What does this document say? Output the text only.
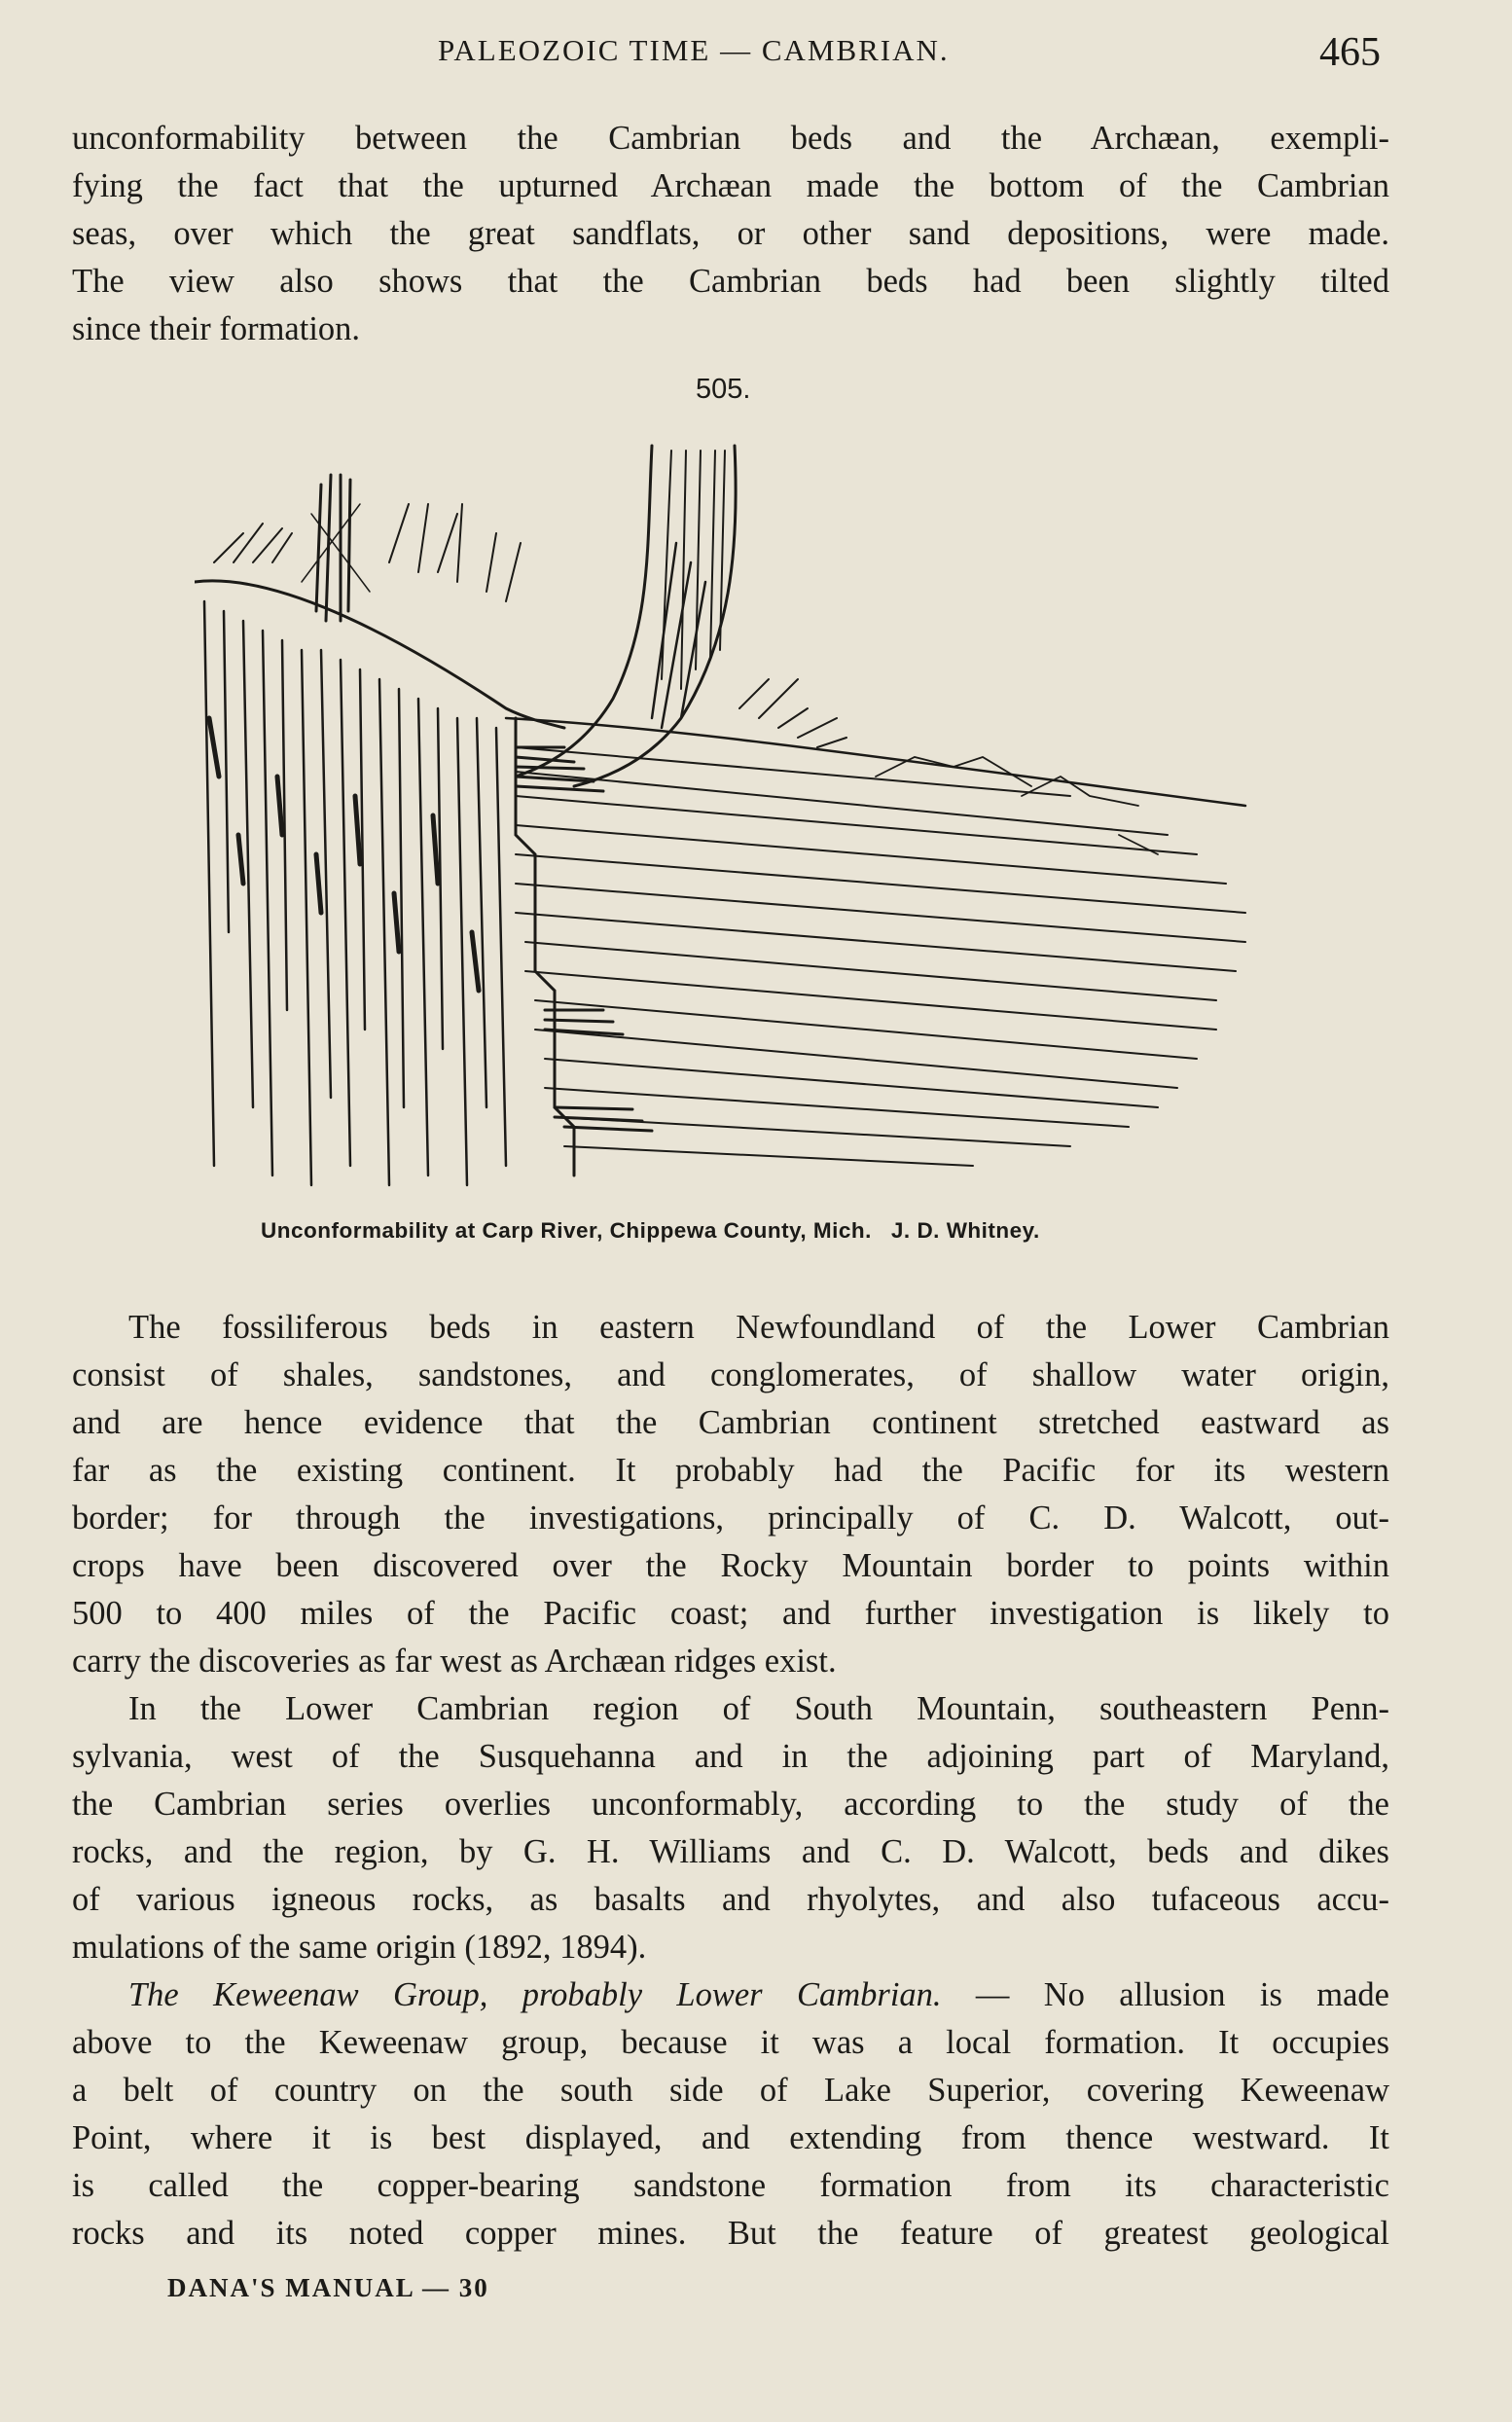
PALEOZOIC TIME — CAMBRIAN.	465
unconformability between the Cambrian beds and the Archæan, exempli-
fying the fact that the upturned Archæan made the bottom of the Cambrian
seas, over which the great sandflats, or other sand depositions, were made.
The view also shows that the Cambrian beds had been slightly tilted
since their formation.
505.
Unconformability at Carp River, Chippewa County, Mich. J. D. Whitney.
The fossiliferous beds in eastern Newfoundland of the Lower Cambrian
consist of shales, sandstones, and conglomerates, of shallow water origin,
and are hence evidence that the Cambrian continent stretched eastward as
far as the existing continent. It probably had the Pacific for its western
border; for through the investigations, principally of C. D. Walcott, out-
crops have been discovered over the Rocky Mountain border to points within
500 to 400 miles of the Pacific coast; and further investigation is likely to
carry the discoveries as far west as Archæan ridges exist.
In the Lower Cambrian region of South Mountain, southeastern Penn-
sylvania, west of the Susquehanna and in the adjoining part of Maryland,
the Cambrian series overlies unconformably, according to the study of the
rocks, and the region, by G. H. Williams and C. D. Walcott, beds and dikes
of various igneous rocks, as basalts and rhyolytes, and also tufaceous accu-
mulations of the same origin (1892, 1894).
The Keweenaw Group, probably Lower Cambrian. — No allusion is made
above to the Keweenaw group, because it was a local formation. It occupies
a belt of country on the south side of Lake Superior, covering Keweenaw
Point, where it is best displayed, and extending from thence westward. It
is called the copper-bearing sandstone formation from its characteristic
rocks and its noted copper mines. But the feature of greatest geological
DANA'S MANUAL — 30
